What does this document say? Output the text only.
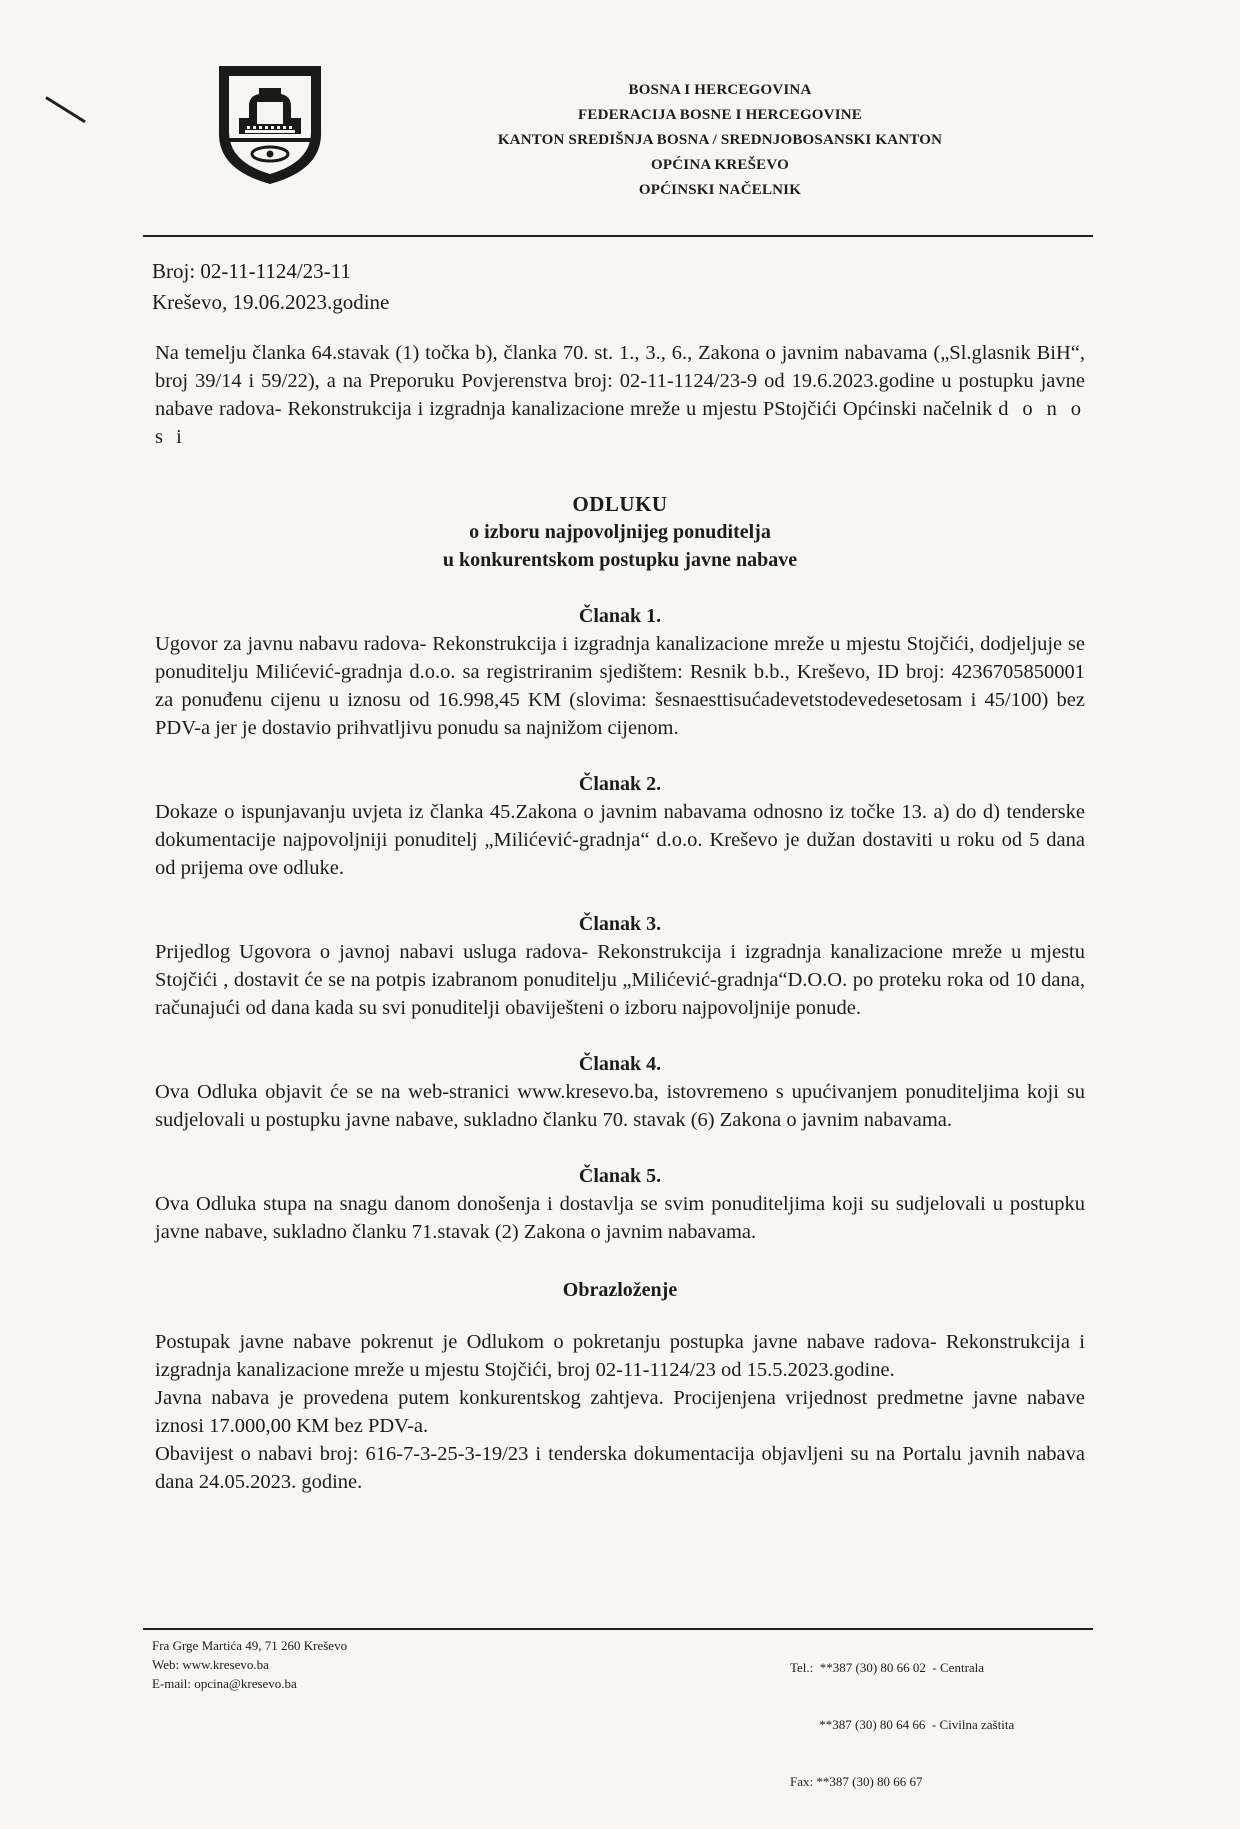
BOSNA I HERCEGOVINA
FEDERACIJA BOSNE I HERCEGOVINE
KANTON SREDIŠNJA BOSNA / SREDNJOBOSANSKI KANTON
OPĆINA KREŠEVO
OPĆINSKI NAČELNIK
Broj: 02-11-1124/23-11
Kreševo, 19.06.2023.godine
Na temelju članka 64.stavak (1) točka b), članka 70. st. 1., 3., 6., Zakona o javnim nabavama („Sl.glasnik BiH“, broj 39/14 i 59/22), a na Preporuku Povjerenstva broj: 02-11-1124/23-9 od 19.6.2023.godine u postupku javne nabave radova- Rekonstrukcija i izgradnja kanalizacione mreže u mjestu PStojčići Općinski načelnik d o n o s i
ODLUKU
o izboru najpovoljnijeg ponuditelja
u konkurentskom postupku javne nabave
Članak 1.
Ugovor za javnu nabavu radova- Rekonstrukcija i izgradnja kanalizacione mreže u mjestu Stojčići, dodjeljuje se ponuditelju Milićević-gradnja d.o.o. sa registriranim sjedištem: Resnik b.b., Kreševo, ID broj: 4236705850001 za ponuđenu cijenu u iznosu od 16.998,45 KM (slovima: šesnaesttisućadevetstodevedesetosam i 45/100) bez PDV-a jer je dostavio prihvatljivu ponudu sa najnižom cijenom.
Članak 2.
Dokaze o ispunjavanju uvjeta iz članka 45.Zakona o javnim nabavama odnosno iz točke 13. a) do d) tenderske dokumentacije najpovoljniji ponuditelj „Milićević-gradnja“ d.o.o. Kreševo je dužan dostaviti u roku od 5 dana od prijema ove odluke.
Članak 3.
Prijedlog Ugovora o javnoj nabavi usluga radova- Rekonstrukcija i izgradnja kanalizacione mreže u mjestu Stojčići , dostavit će se na potpis izabranom ponuditelju „Milićević-gradnja“D.O.O. po proteku roka od 10 dana, računajući od dana kada su svi ponuditelji obaviješteni o izboru najpovoljnije ponude.
Članak 4.
Ova Odluka objavit će se na web-stranici www.kresevo.ba, istovremeno s upućivanjem ponuditeljima koji su sudjelovali u postupku javne nabave, sukladno članku 70. stavak (6) Zakona o javnim nabavama.
Članak 5.
Ova Odluka stupa na snagu danom donošenja i dostavlja se svim ponuditeljima koji su sudjelovali u postupku javne nabave, sukladno članku 71.stavak (2) Zakona o javnim nabavama.
Obrazloženje
Postupak javne nabave pokrenut je Odlukom o pokretanju postupka javne nabave radova- Rekonstrukcija i izgradnja kanalizacione mreže u mjestu Stojčići, broj 02-11-1124/23 od 15.5.2023.godine.
Javna nabava je provedena putem konkurentskog zahtjeva. Procijenjena vrijednost predmetne javne nabave iznosi 17.000,00 KM bez PDV-a.
Obavijest o nabavi broj: 616-7-3-25-3-19/23 i tenderska dokumentacija objavljeni su na Portalu javnih nabava dana 24.05.2023. godine.
Fra Grge Martića 49, 71 260 Kreševo
Web: www.kresevo.ba
E-mail: opcina@kresevo.ba

Tel.:  **387 (30) 80 66 02  - Centrala

**387 (30) 80 64 66  - Civilna zaštita

Fax: **387 (30) 80 66 67
